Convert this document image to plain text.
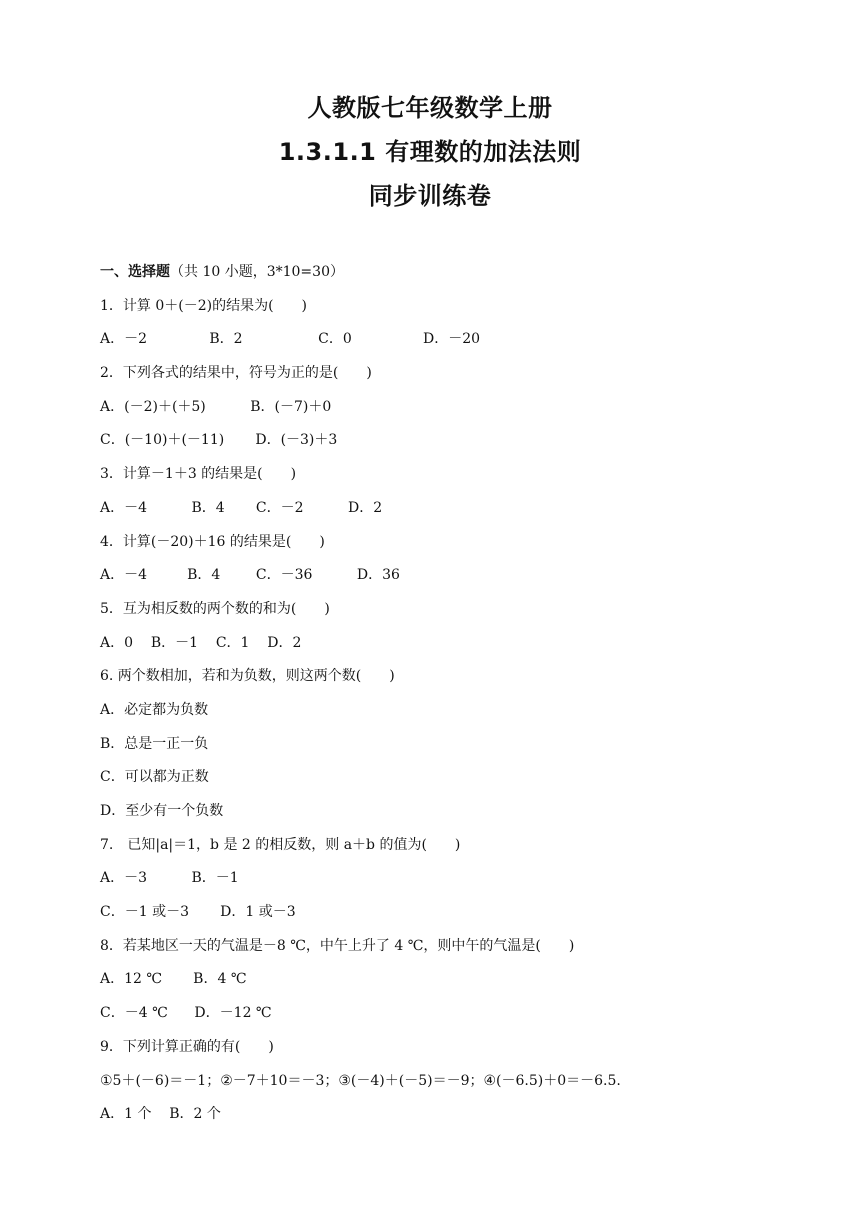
人教版七年级数学上册
1.3.1.1 有理数的加法法则
同步训练卷
一、选择题（共 10 小题，3*10=30）
1．计算 0＋(－2)的结果为(　　)
A．－2              B．2                 C．0                D．－20
2．下列各式的结果中，符号为正的是(　　)
A．(－2)＋(＋5)          B．(－7)＋0
C．(－10)＋(－11)       D．(－3)＋3
3．计算－1＋3 的结果是(　　)
A．－4          B．4       C．－2          D．2
4．计算(－20)＋16 的结果是(　　)
A．－4         B．4        C．－36          D．36
5．互为相反数的两个数的和为(　　)
A．0    B．－1    C．1    D．2
6. 两个数相加，若和为负数，则这两个数(　　)
A．必定都为负数
B．总是一正一负
C．可以都为正数
D．至少有一个负数
7.　已知|a|＝1，b 是 2 的相反数，则 a＋b 的值为(　　)
A．－3          B．－1
C．－1 或－3       D．1 或－3
8．若某地区一天的气温是－8 ℃，中午上升了 4 ℃，则中午的气温是(　　)
A．12 ℃       B．4 ℃
C．－4 ℃      D．－12 ℃
9．下列计算正确的有(　　)
①5＋(－6)＝－1；②－7＋10＝－3；③(－4)＋(－5)＝－9；④(－6.5)＋0＝－6.5.
A．1 个    B．2 个
